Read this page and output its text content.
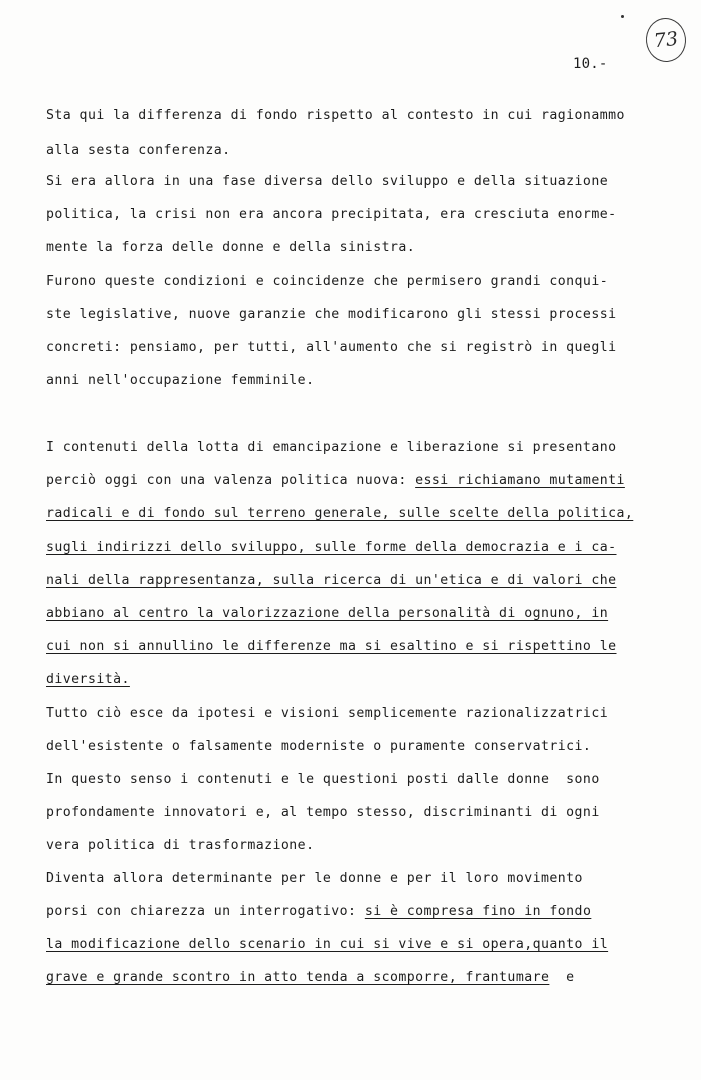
73
10.-
Sta qui la differenza di fondo rispetto al contesto in cui ragionammo
alla sesta conferenza.
Si era allora in una fase diversa dello sviluppo e della situazione
politica, la crisi non era ancora precipitata, era cresciuta enorme-
mente la forza delle donne e della sinistra.
Furono queste condizioni e coincidenze che permisero grandi conqui-
ste legislative, nuove garanzie che modificarono gli stessi processi
concreti: pensiamo, per tutti, all'aumento che si registrò in quegli
anni nell'occupazione femminile.
I contenuti della lotta di emancipazione e liberazione si presentano
perciò oggi con una valenza politica nuova: essi richiamano mutamenti
radicali e di fondo sul terreno generale, sulle scelte della politica,
sugli indirizzi dello sviluppo, sulle forme della democrazia e i ca-
nali della rappresentanza, sulla ricerca di un'etica e di valori che
abbiano al centro la valorizzazione della personalità di ognuno, in
cui non si annullino le differenze ma si esaltino e si rispettino le
diversità.
Tutto ciò esce da ipotesi e visioni semplicemente razionalizzatrici
dell'esistente o falsamente moderniste o puramente conservatrici.
In questo senso i contenuti e le questioni posti dalle donne  sono
profondamente innovatori e, al tempo stesso, discriminanti di ogni
vera politica di trasformazione.
Diventa allora determinante per le donne e per il loro movimento
porsi con chiarezza un interrogativo: si è compresa fino in fondo
la modificazione dello scenario in cui si vive e si opera,quanto il
grave e grande scontro in atto tenda a scomporre, frantumare  e
